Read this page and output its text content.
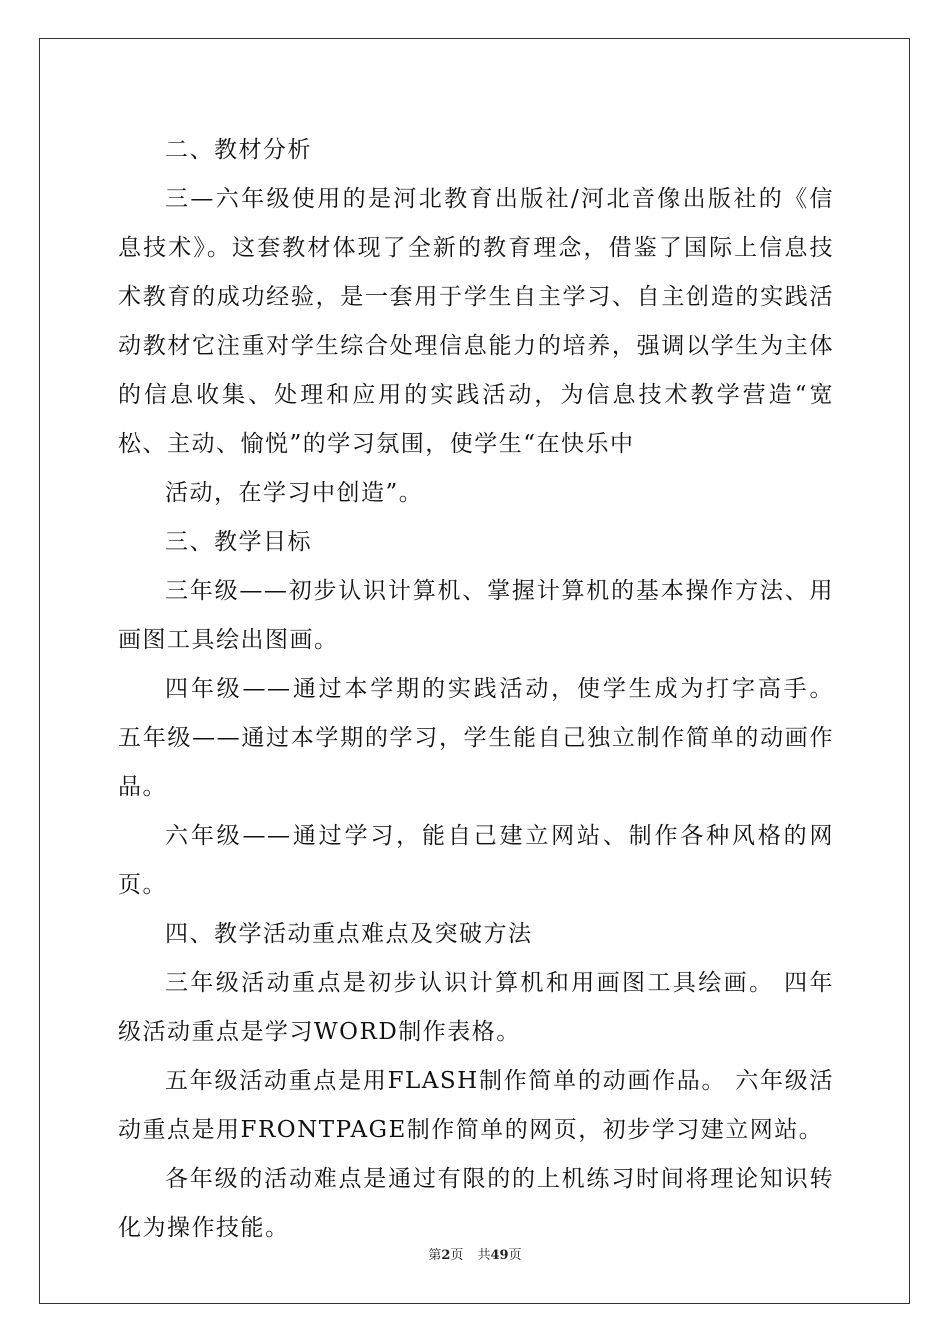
二、教材分析

三—六年级使用的是河北教育出版社/河北音像出版社的《信息技术》。这套教材体现了全新的教育理念，借鉴了国际上信息技术教育的成功经验，是一套用于学生自主学习、自主创造的实践活动教材它注重对学生综合处理信息能力的培养，强调以学生为主体的信息收集、处理和应用的实践活动，为信息技术教学营造“宽松、主动、愉悦”的学习氛围，使学生“在快乐中

活动，在学习中创造”。

三、教学目标

三年级——初步认识计算机、掌握计算机的基本操作方法、用画图工具绘出图画。

四年级——通过本学期的实践活动，使学生成为打字高手。 五年级——通过本学期的学习，学生能自己独立制作简单的动画作品。

六年级——通过学习，能自己建立网站、制作各种风格的网页。

四、教学活动重点难点及突破方法

三年级活动重点是初步认识计算机和用画图工具绘画。 四年级活动重点是学习WORD制作表格。

五年级活动重点是用FLASH制作简单的动画作品。 六年级活动重点是用FRONTPAGE制作简单的网页，初步学习建立网站。

各年级的活动难点是通过有限的的上机练习时间将理论知识转化为操作技能。

第2页 共49页
